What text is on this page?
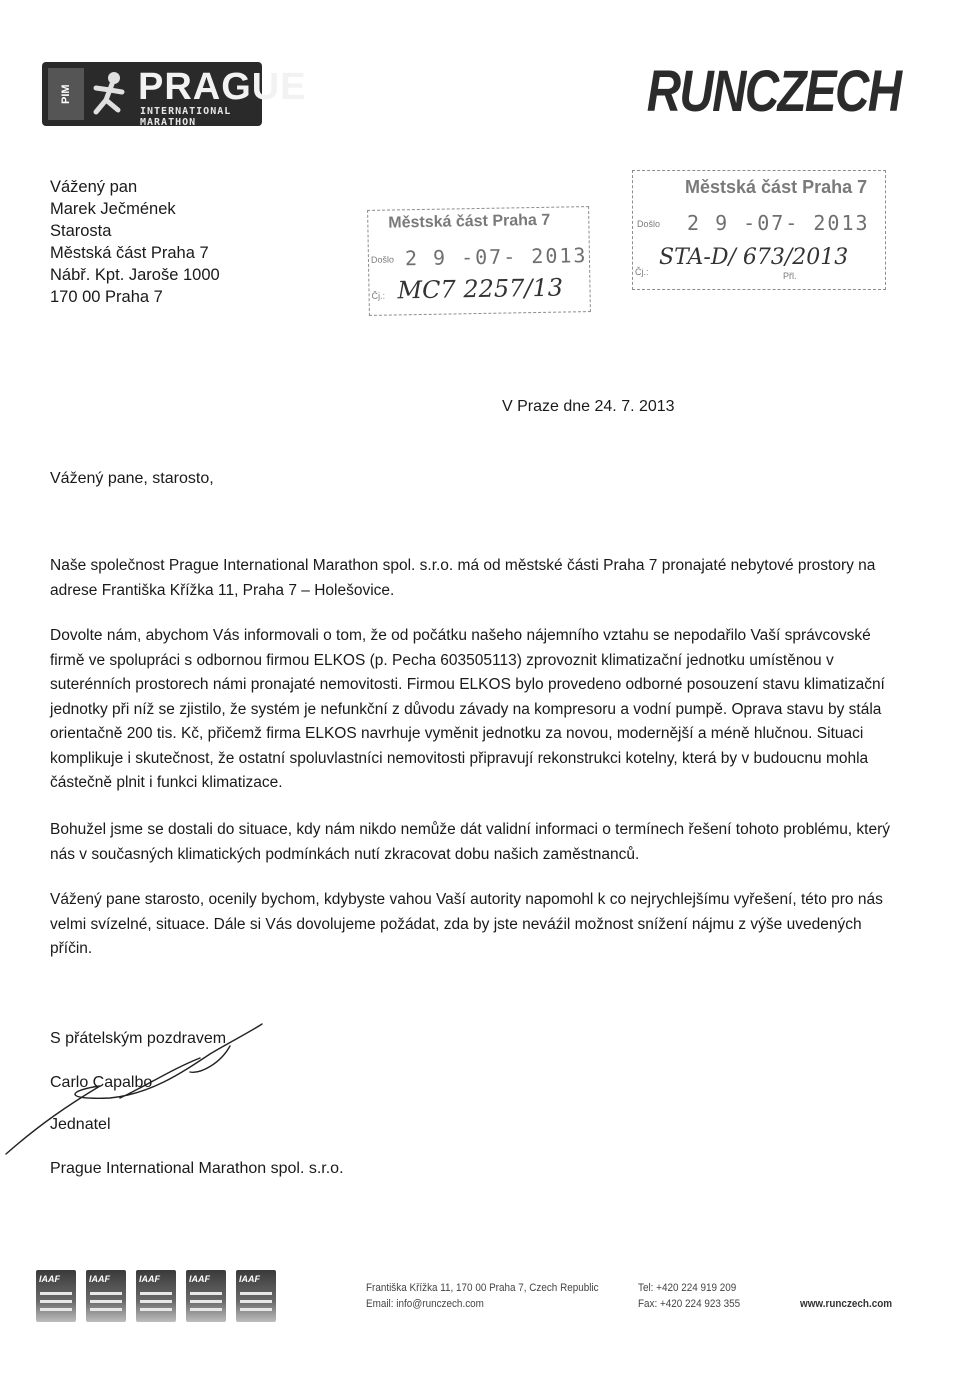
PIM	PRAGUE
INTERNATIONAL MARATHON	RUNCZECH
Vážený pan
Marek Ječmének
Starosta
Městská část Praha 7
Nábř. Kpt. Jaroše 1000
170 00 Praha 7
Městská část Praha 7
Došlo 2 9 -07- 2013
Čj.: MC7 2257/13
Městská část Praha 7
Došlo 2 9 -07- 2013
Čj.:
STA-D/ 673/2013
Přl.
V Praze dne 24. 7. 2013
Vážený pane, starosto,

Naše společnost Prague International Marathon spol. s.r.o. má od městské části Praha 7 pronajaté nebytové prostory na adrese Františka Křížka 11, Praha 7 – Holešovice.

Dovolte nám, abychom Vás informovali o tom, že od počátku našeho nájemního vztahu se nepodařilo Vaší správcovské firmě ve spolupráci s odbornou firmou ELKOS (p. Pecha 603505113) zprovoznit klimatizační jednotku umístěnou v suterénních prostorech námi pronajaté nemovitosti. Firmou ELKOS bylo provedeno odborné posouzení stavu klimatizační jednotky při níž se zjistilo, že systém je nefunkční z důvodu závady na kompresoru a vodní pumpě. Oprava stavu by stála orientačně 200 tis. Kč, přičemž firma ELKOS navrhuje vyměnit jednotku za novou, modernější a méně hlučnou. Situaci komplikuje i skutečnost, že ostatní spoluvlastníci nemovitosti připravují rekonstrukci kotelny, která by v budoucnu mohla částečně plnit i funkci klimatizace.

Bohužel jsme se dostali do situace, kdy nám nikdo nemůže dát validní informaci o termínech řešení tohoto problému, který nás v současných klimatických podmínkách nutí zkracovat dobu našich zaměstnanců.

Vážený pane starosto, ocenily bychom, kdybyste vahou Vaší autority napomohl k co nejrychlejšímu vyřešení, této pro nás velmi svízelné, situace. Dále si Vás dovolujeme požádat, zda by jste neváźil možnost snížení nájmu z výše uvedených příčin.

S přátelským pozdravem
Carlo Capalbo
Jednatel
Prague International Marathon spol. s.r.o.
IAAF	IAAF	IAAF	IAAF	IAAF
Františka Křížka 11, 170 00 Praha 7, Czech Republic
Email: info@runczech.com
Tel: +420 224 919 209
Fax: +420 224 923 355	www.runczech.com
